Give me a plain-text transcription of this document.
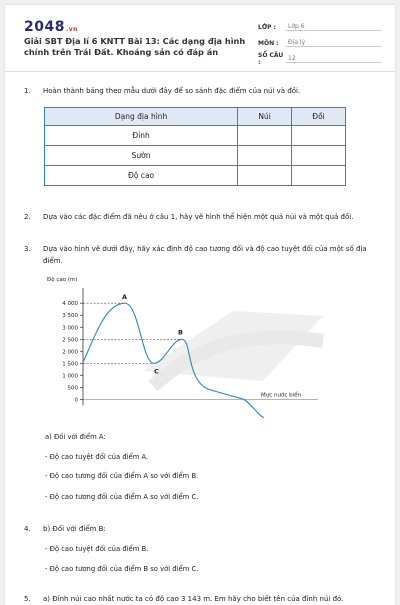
2048.vn
Giải SBT Địa lí 6 KNTT Bài 13: Các dạng địa hình chính trên Trái Đất. Khoáng sản có đáp án
LỚP :	Lớp 6
MÔN :	Địa lý
SỐ CÂU :
12
1. Hoàn thành bảng theo mẫu dưới đây để so sánh đặc điểm của núi và đồi.
Dạng địa hình	Núi	Đồi
Đỉnh		
Sườn		
Độ cao		
2. Dựa vào các đặc điểm đã nêu ở câu 1, hãy vẽ hình thể hiện một quả núi và một quả đồi.
3. Dựa vào hình vẽ dưới đây, hãy xác định độ cao tương đối và độ cao tuyệt đối của một số địa
điểm.
Mực nước biển
Độ cao (m)
4 000
3 500
3 000
2 500
2 000
1 500
1 000
500
0
A
B
C
a) Đối với điểm A:
- Độ cao tuyệt đối của điểm A.
- Độ cao tương đối của điểm A so với điểm B.
- Độ cao tương đối của điểm A so với điểm C.
4. b) Đối với điểm B:
- Độ cao tuyệt đối của điểm B.
- Độ cao tương đối của điểm B so với điểm C.
5. a) Đỉnh núi cao nhất nước ta có độ cao 3 143 m. Em hãy cho biết tên của đỉnh núi đó.
